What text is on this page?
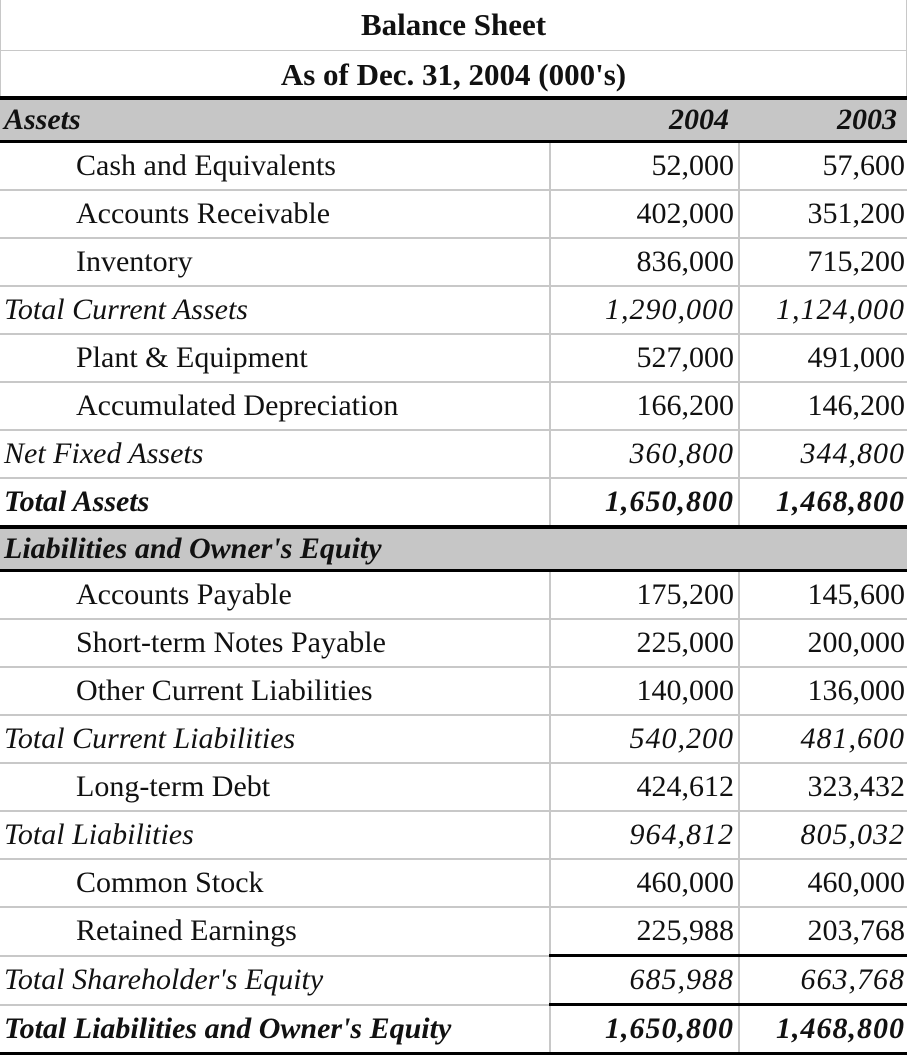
Balance Sheet
As of Dec. 31, 2004 (000's)
Assets	2004	2003
Cash and Equivalents	52,000	57,600
Accounts Receivable	402,000	351,200
Inventory	836,000	715,200
Total Current Assets	1,290,000	1,124,000
Plant & Equipment	527,000	491,000
Accumulated Depreciation	166,200	146,200
Net Fixed Assets	360,800	344,800
Total Assets	1,650,800	1,468,800
Liabilities and Owner's Equity		
Accounts Payable	175,200	145,600
Short-term Notes Payable	225,000	200,000
Other Current Liabilities	140,000	136,000
Total Current Liabilities	540,200	481,600
Long-term Debt	424,612	323,432
Total Liabilities	964,812	805,032
Common Stock	460,000	460,000
Retained Earnings	225,988	203,768
Total Shareholder's Equity	685,988	663,768
Total Liabilities and Owner's Equity	1,650,800	1,468,800
